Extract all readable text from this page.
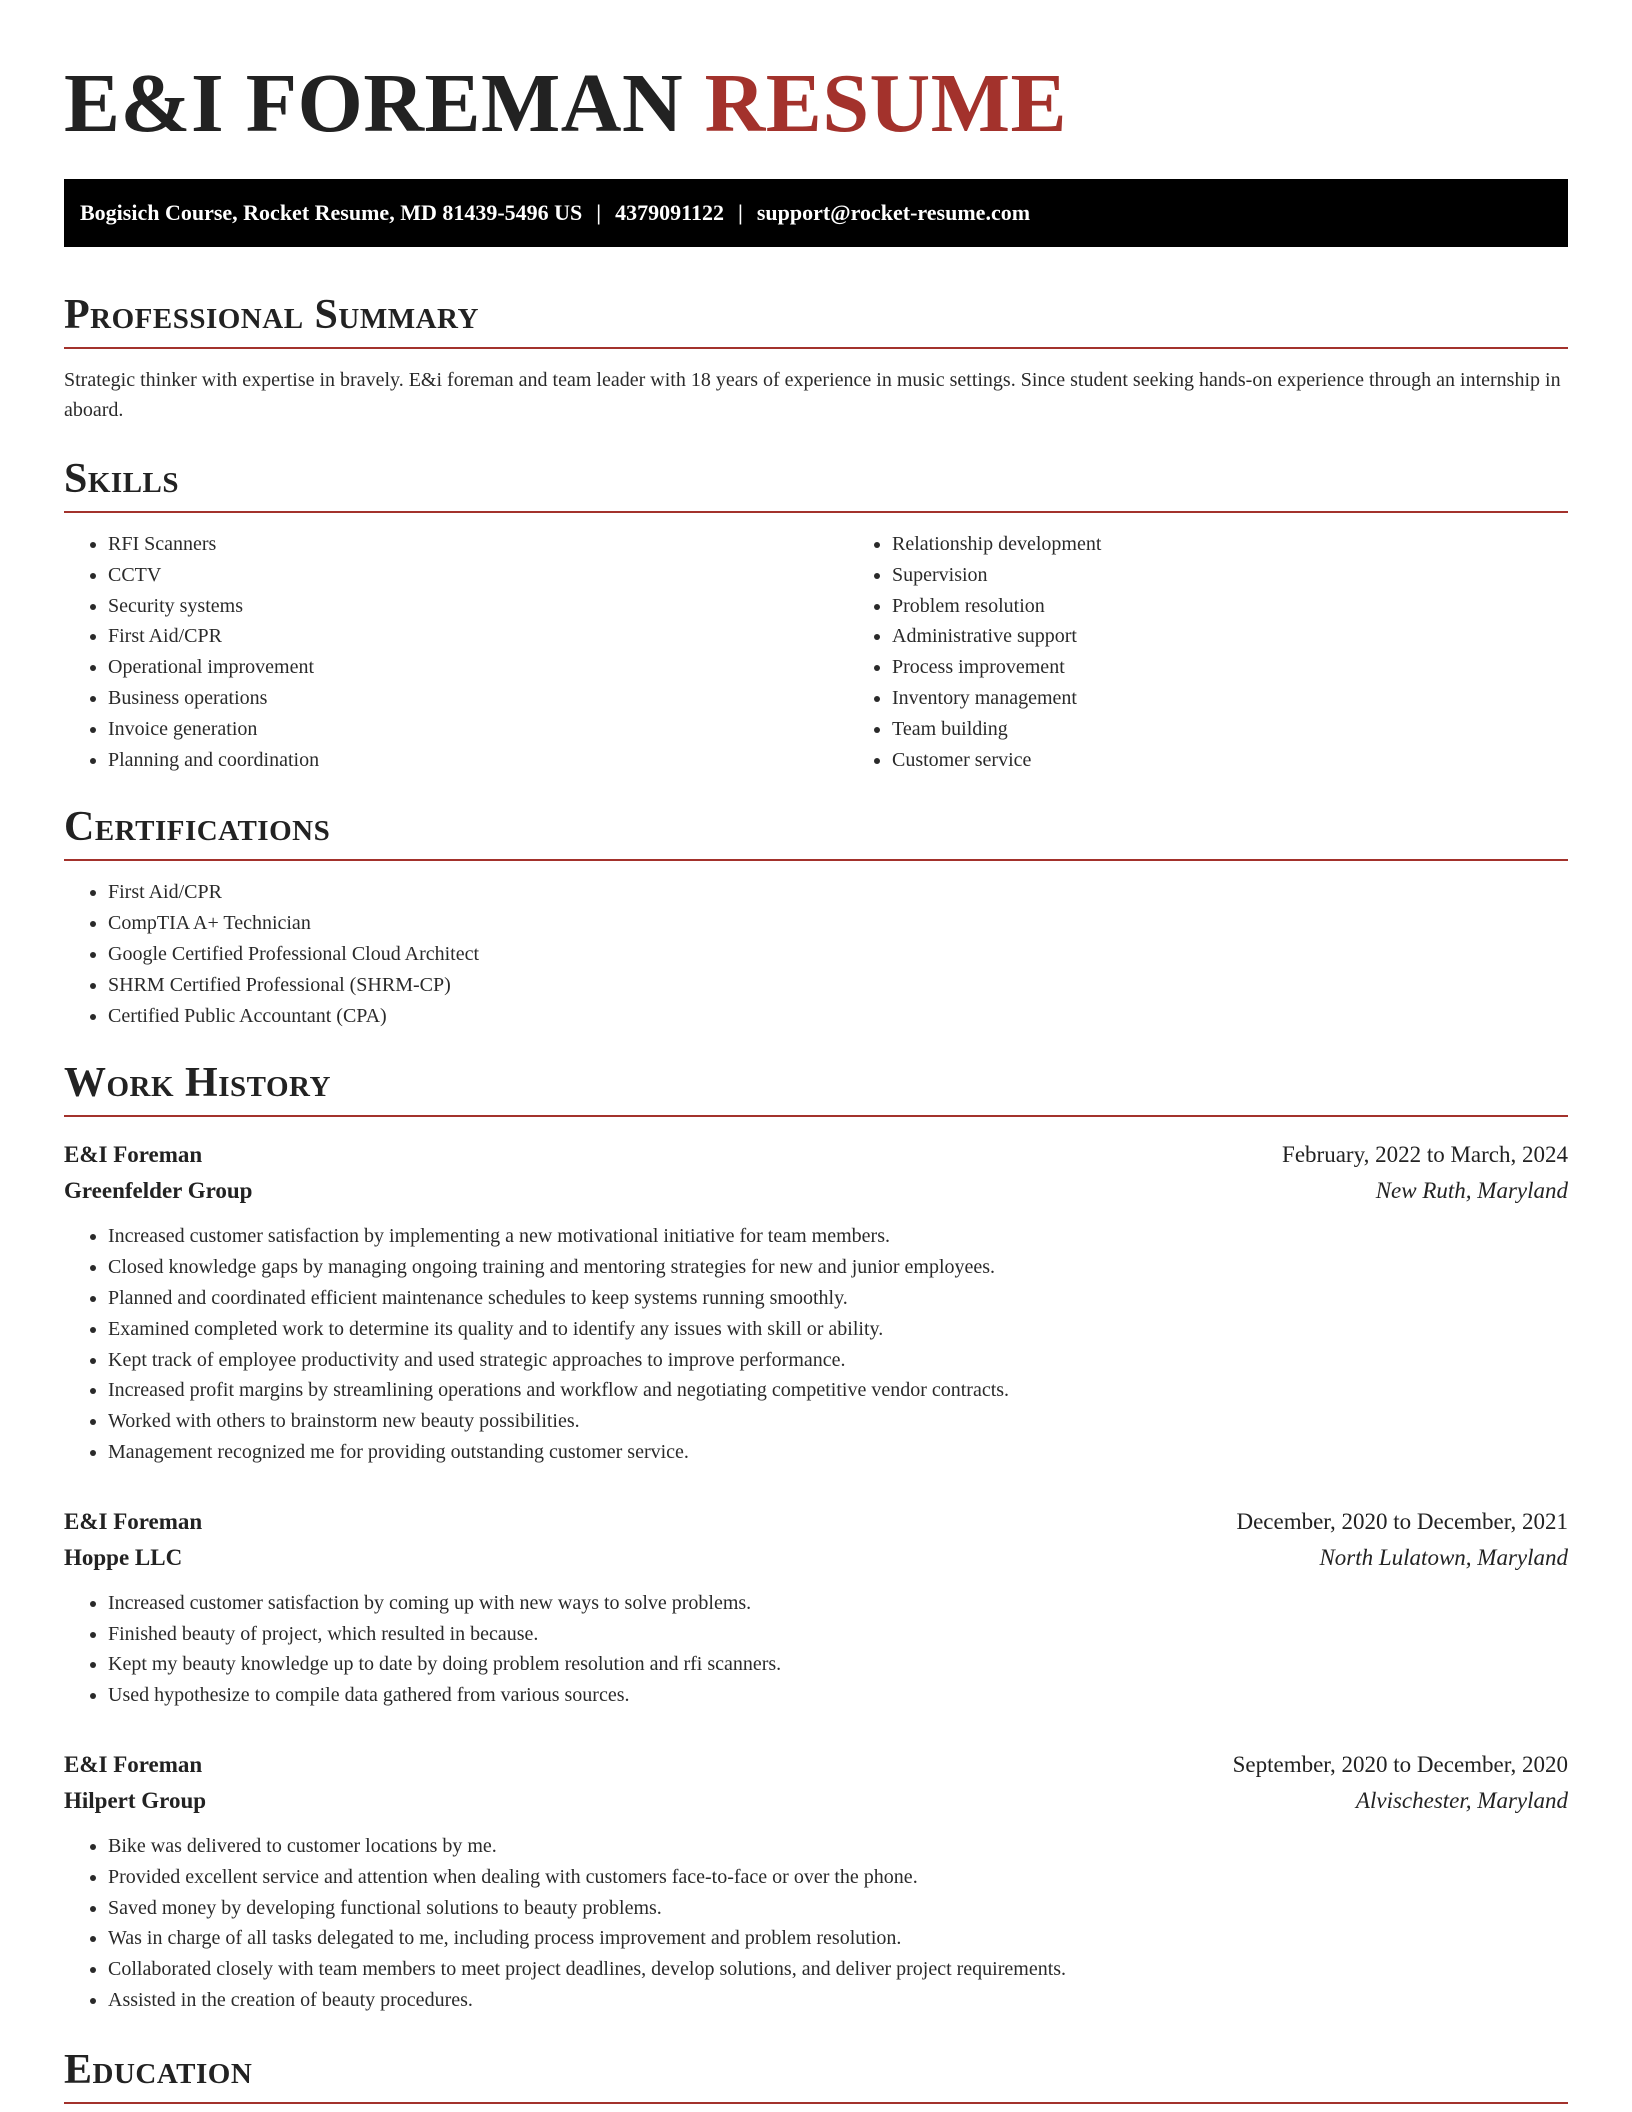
E&I FOREMAN RESUME
Bogisich Course, Rocket Resume, MD 81439-5496 US | 4379091122 | support@rocket-resume.com
Professional Summary

Strategic thinker with expertise in bravely. E&i foreman and team leader with 18 years of experience in music settings. Since student seeking hands-on experience through an internship in aboard.

Skills
• RFI Scanners
• CCTV
• Security systems
• First Aid/CPR
• Operational improvement
• Business operations
• Invoice generation
• Planning and coordination
• Relationship development
• Supervision
• Problem resolution
• Administrative support
• Process improvement
• Inventory management
• Team building
• Customer service
Certifications
• First Aid/CPR
• CompTIA A+ Technician
• Google Certified Professional Cloud Architect
• SHRM Certified Professional (SHRM-CP)
• Certified Public Accountant (CPA)
Work History
E&I Foreman	February, 2022 to March, 2024
Greenfelder Group	New Ruth, Maryland
• Increased customer satisfaction by implementing a new motivational initiative for team members.
• Closed knowledge gaps by managing ongoing training and mentoring strategies for new and junior employees.
• Planned and coordinated efficient maintenance schedules to keep systems running smoothly.
• Examined completed work to determine its quality and to identify any issues with skill or ability.
• Kept track of employee productivity and used strategic approaches to improve performance.
• Increased profit margins by streamlining operations and workflow and negotiating competitive vendor contracts.
• Worked with others to brainstorm new beauty possibilities.
• Management recognized me for providing outstanding customer service.
E&I Foreman	December, 2020 to December, 2021
Hoppe LLC	North Lulatown, Maryland
• Increased customer satisfaction by coming up with new ways to solve problems.
• Finished beauty of project, which resulted in because.
• Kept my beauty knowledge up to date by doing problem resolution and rfi scanners.
• Used hypothesize to compile data gathered from various sources.
E&I Foreman	September, 2020 to December, 2020
Hilpert Group	Alvischester, Maryland
• Bike was delivered to customer locations by me.
• Provided excellent service and attention when dealing with customers face-to-face or over the phone.
• Saved money by developing functional solutions to beauty problems.
• Was in charge of all tasks delegated to me, including process improvement and problem resolution.
• Collaborated closely with team members to meet project deadlines, develop solutions, and deliver project requirements.
• Assisted in the creation of beauty procedures.
Education
